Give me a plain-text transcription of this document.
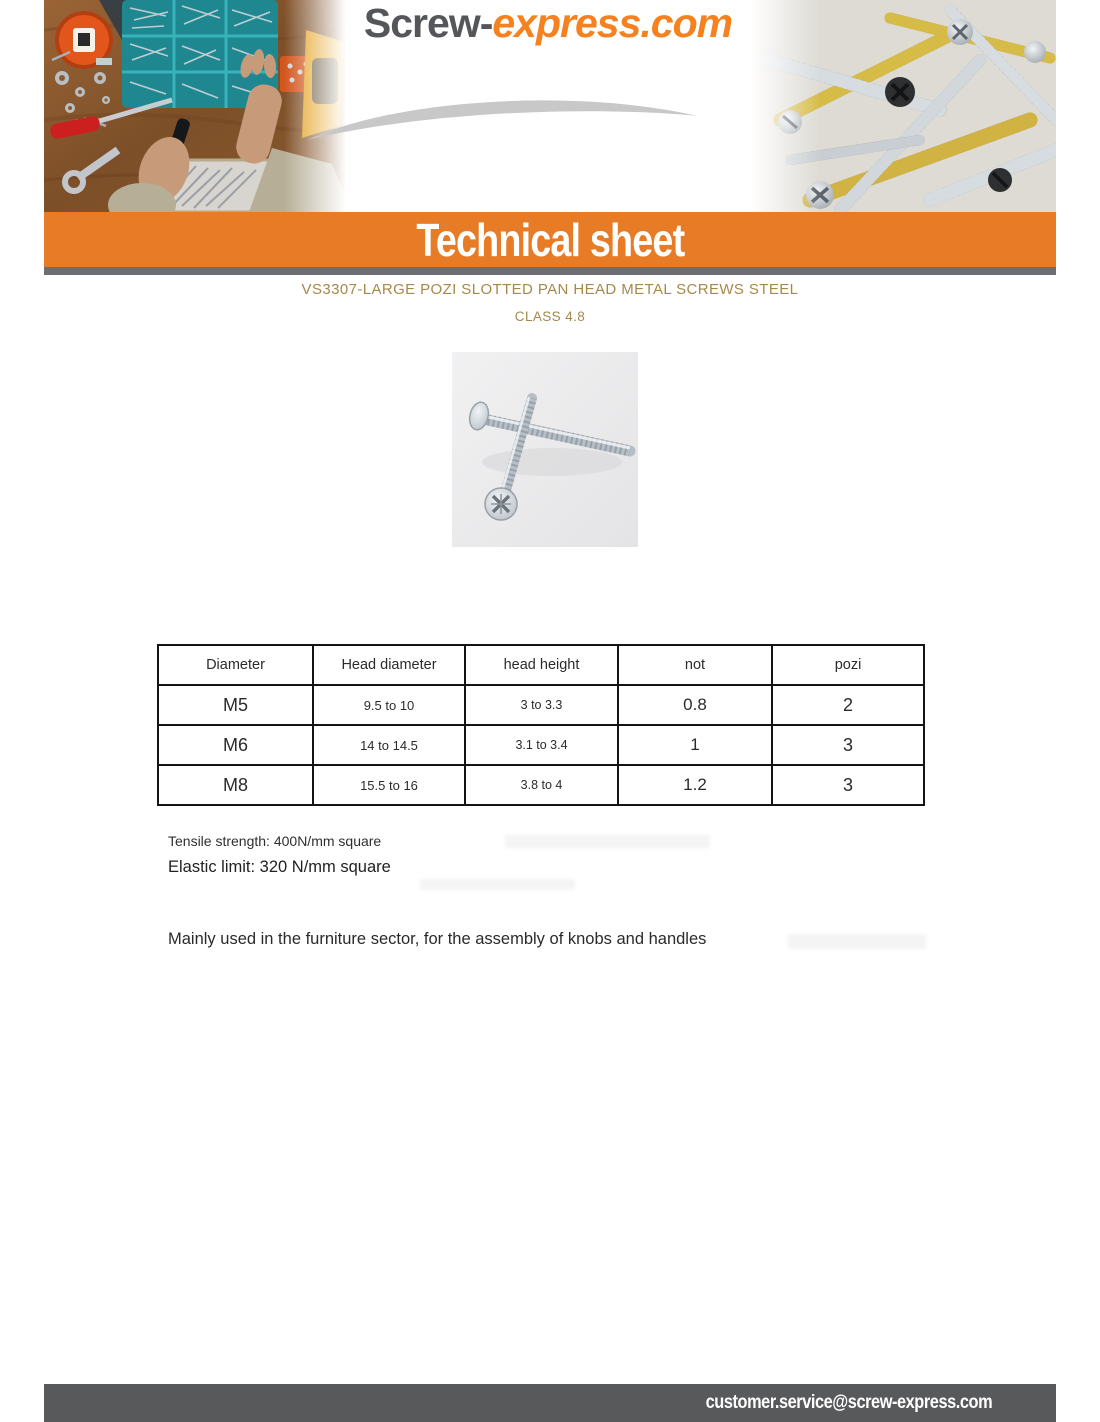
Screw-express.com
Technical sheet
VS3307-LARGE POZI SLOTTED PAN HEAD METAL SCREWS STEEL
CLASS 4.8
Diameter	Head diameter	head height	not	pozi
M5	9.5 to 10	3 to 3.3	0.8	2
M6	14 to 14.5	3.1 to 3.4	1	3
M8	15.5 to 16	3.8 to 4	1.2	3
Tensile strength: 400N/mm square
Elastic limit: 320 N/mm square
Mainly used in the furniture sector, for the assembly of knobs and handles
customer.service@screw-express.com
